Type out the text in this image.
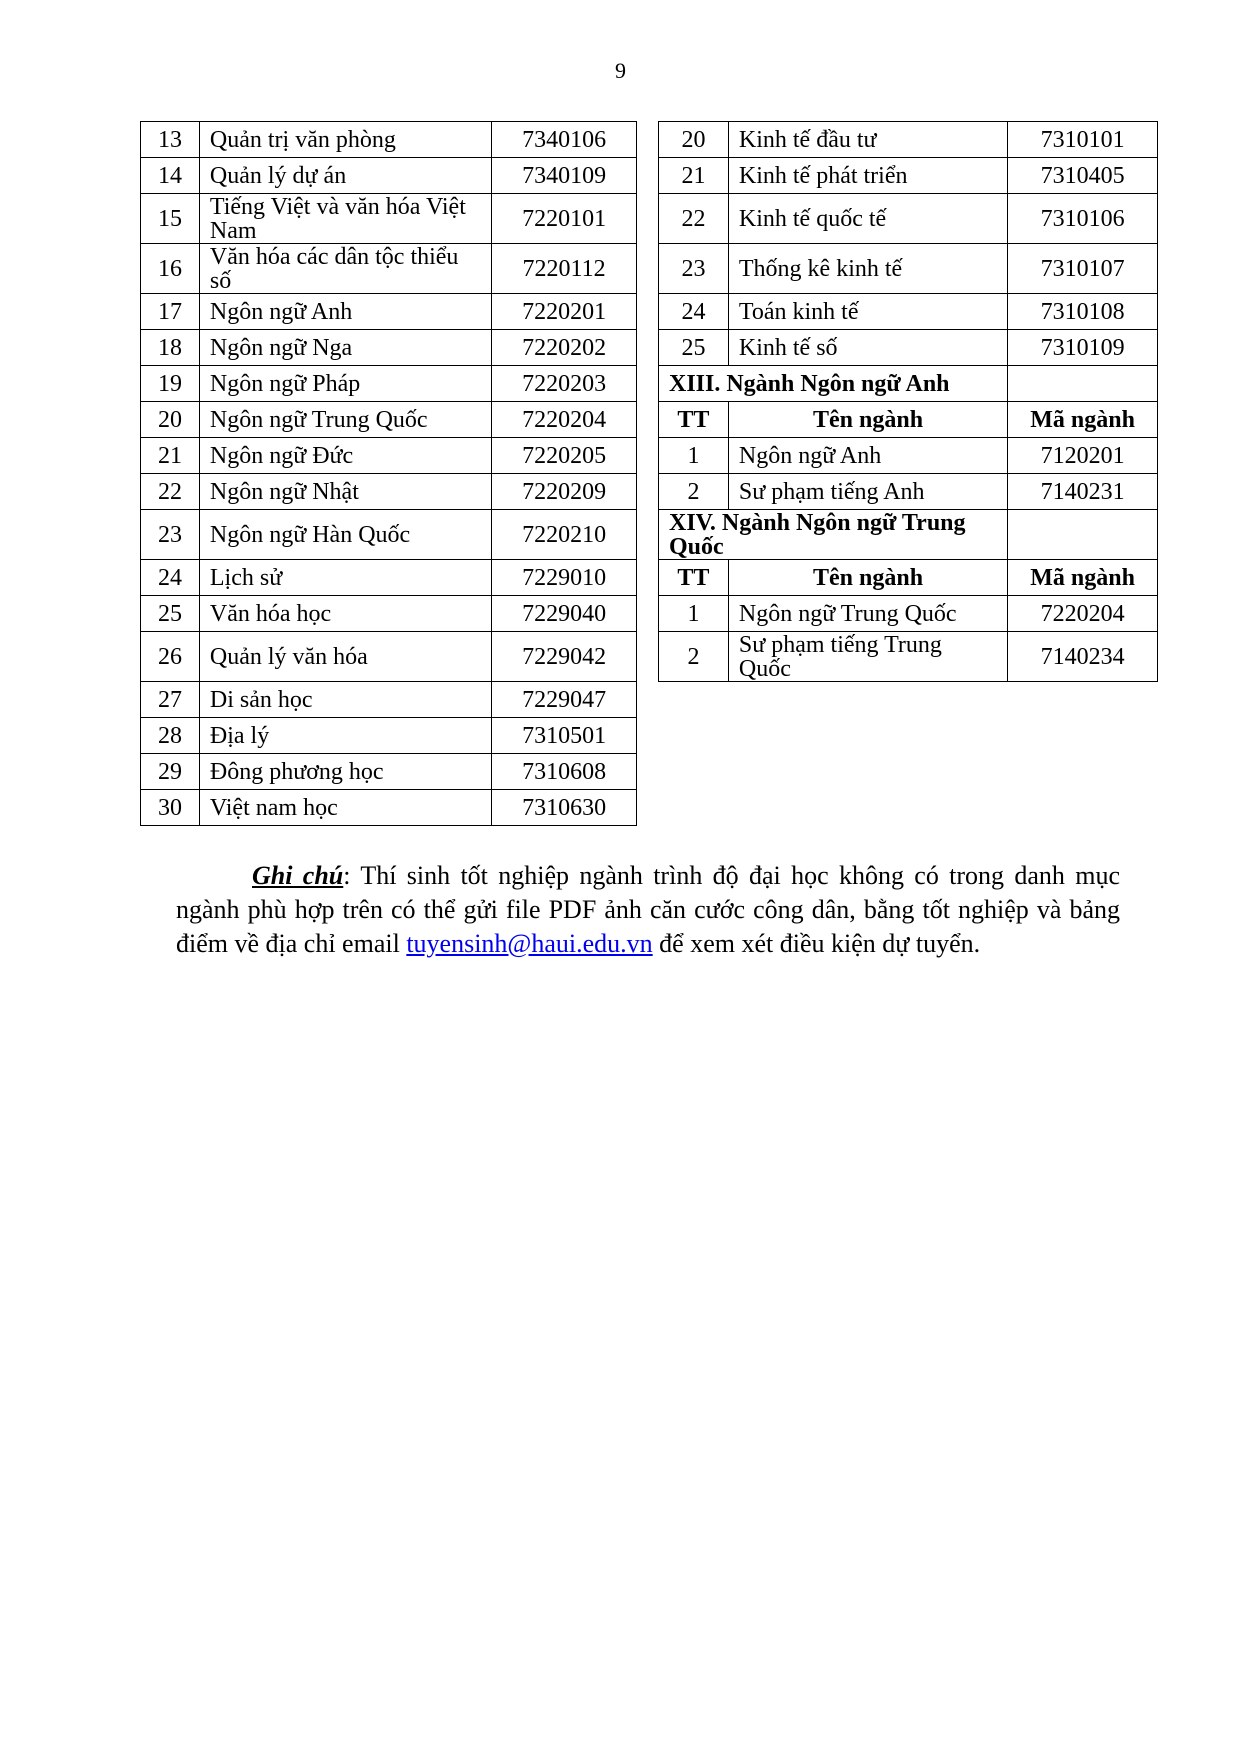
9
13	Quản trị văn phòng	7340106
14	Quản lý dự án	7340109
15	Tiếng Việt và văn hóa Việt Nam	7220101
16	Văn hóa các dân tộc thiểu số	7220112
17	Ngôn ngữ Anh	7220201
18	Ngôn ngữ Nga	7220202
19	Ngôn ngữ Pháp	7220203
20	Ngôn ngữ Trung Quốc	7220204
21	Ngôn ngữ Đức	7220205
22	Ngôn ngữ Nhật	7220209
23	Ngôn ngữ Hàn Quốc	7220210
24	Lịch sử	7229010
25	Văn hóa học	7229040
26	Quản lý văn hóa	7229042
27	Di sản học	7229047
28	Địa lý	7310501
29	Đông phương học	7310608
30	Việt nam học	7310630
20	Kinh tế đầu tư	7310101
21	Kinh tế phát triển	7310405
22	Kinh tế quốc tế	7310106
23	Thống kê kinh tế	7310107
24	Toán kinh tế	7310108
25	Kinh tế số	7310109
XIII. Ngành Ngôn ngữ Anh		
TT	Tên ngành	Mã ngành
1	Ngôn ngữ Anh	7120201
2	Sư phạm tiếng Anh	7140231
XIV. Ngành Ngôn ngữ Trung Quốc		
TT	Tên ngành	Mã ngành
1	Ngôn ngữ Trung Quốc	7220204
2	Sư phạm tiếng Trung Quốc	7140234

Ghi chú: Thí sinh tốt nghiệp ngành trình độ đại học không có trong danh mục ngành phù hợp trên có thể gửi file PDF ảnh căn cước công dân, bằng tốt nghiệp và bảng điểm về địa chỉ email tuyensinh@haui.edu.vn để xem xét điều kiện dự tuyển.
